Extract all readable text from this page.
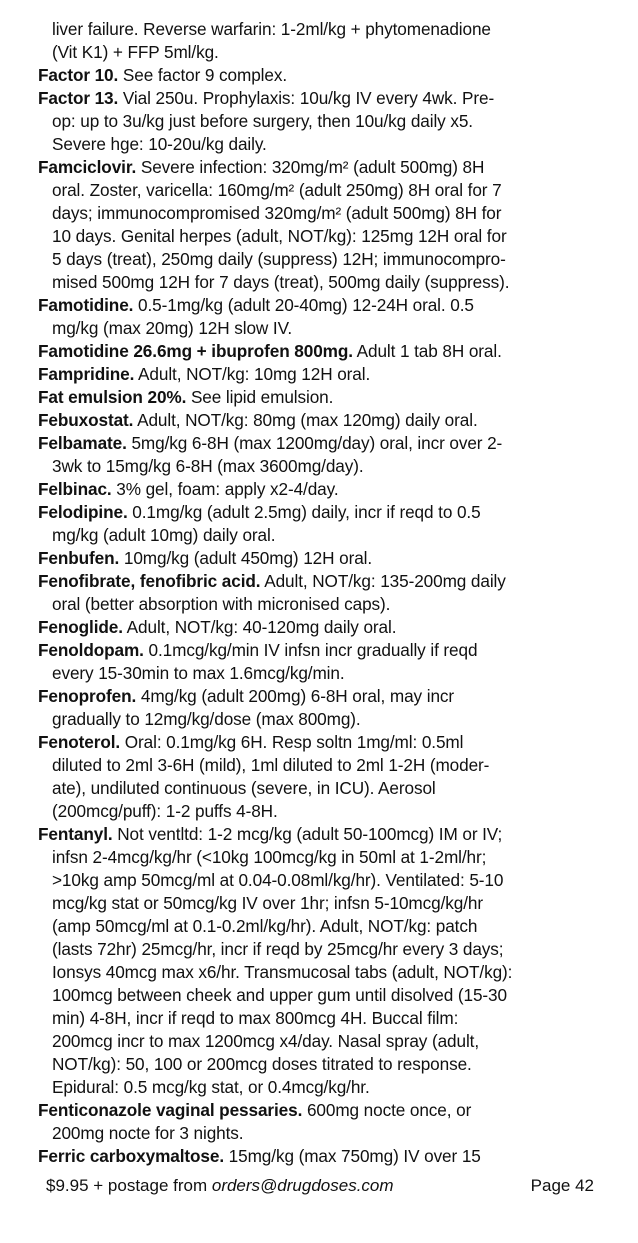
liver failure. Reverse warfarin: 1-2ml/kg + phytomenadione
(Vit K1) + FFP 5ml/kg.
Factor 10. See factor 9 complex.
Factor 13. Vial 250u. Prophylaxis: 10u/kg IV every 4wk. Pre-
op: up to 3u/kg just before surgery, then 10u/kg daily x5.
Severe hge: 10-20u/kg daily.
Famciclovir. Severe infection: 320mg/m² (adult 500mg) 8H
oral. Zoster, varicella: 160mg/m² (adult 250mg) 8H oral for 7
days; immunocompromised 320mg/m² (adult 500mg) 8H for
10 days. Genital herpes (adult, NOT/kg): 125mg 12H oral for
5 days (treat), 250mg daily (suppress) 12H; immunocompro-
mised 500mg 12H for 7 days (treat), 500mg daily (suppress).
Famotidine. 0.5-1mg/kg (adult 20-40mg) 12-24H oral. 0.5
mg/kg (max 20mg) 12H slow IV.
Famotidine 26.6mg + ibuprofen 800mg. Adult 1 tab 8H oral.
Fampridine. Adult, NOT/kg: 10mg 12H oral.
Fat emulsion 20%. See lipid emulsion.
Febuxostat. Adult, NOT/kg: 80mg (max 120mg) daily oral.
Felbamate. 5mg/kg 6-8H (max 1200mg/day) oral, incr over 2-
3wk to 15mg/kg 6-8H (max 3600mg/day).
Felbinac. 3% gel, foam: apply x2-4/day.
Felodipine. 0.1mg/kg (adult 2.5mg) daily, incr if reqd to 0.5
mg/kg (adult 10mg) daily oral.
Fenbufen. 10mg/kg (adult 450mg) 12H oral.
Fenofibrate, fenofibric acid. Adult, NOT/kg: 135-200mg daily
oral (better absorption with micronised caps).
Fenoglide. Adult, NOT/kg: 40-120mg daily oral.
Fenoldopam. 0.1mcg/kg/min IV infsn incr gradually if reqd
every 15-30min to max 1.6mcg/kg/min.
Fenoprofen. 4mg/kg (adult 200mg) 6-8H oral, may incr
gradually to 12mg/kg/dose (max 800mg).
Fenoterol. Oral: 0.1mg/kg 6H. Resp soltn 1mg/ml: 0.5ml
diluted to 2ml 3-6H (mild), 1ml diluted to 2ml 1-2H (moder-
ate), undiluted continuous (severe, in ICU). Aerosol
(200mcg/puff): 1-2 puffs 4-8H.
Fentanyl. Not ventltd: 1-2 mcg/kg (adult 50-100mcg) IM or IV;
infsn 2-4mcg/kg/hr (<10kg 100mcg/kg in 50ml at 1-2ml/hr;
>10kg amp 50mcg/ml at 0.04-0.08ml/kg/hr). Ventilated: 5-10
mcg/kg stat or 50mcg/kg IV over 1hr; infsn 5-10mcg/kg/hr
(amp 50mcg/ml at 0.1-0.2ml/kg/hr). Adult, NOT/kg: patch
(lasts 72hr) 25mcg/hr, incr if reqd by 25mcg/hr every 3 days;
Ionsys 40mcg max x6/hr. Transmucosal tabs (adult, NOT/kg):
100mcg between cheek and upper gum until disolved (15-30
min) 4-8H, incr if reqd to max 800mcg 4H. Buccal film:
200mcg incr to max 1200mcg x4/day. Nasal spray (adult,
NOT/kg): 50, 100 or 200mcg doses titrated to response.
Epidural: 0.5 mcg/kg stat, or 0.4mcg/kg/hr.
Fenticonazole vaginal pessaries. 600mg nocte once, or
200mg nocte for 3 nights.
Ferric carboxymaltose. 15mg/kg (max 750mg) IV over 15
$9.95 + postage from orders@drugdoses.com	Page 42
